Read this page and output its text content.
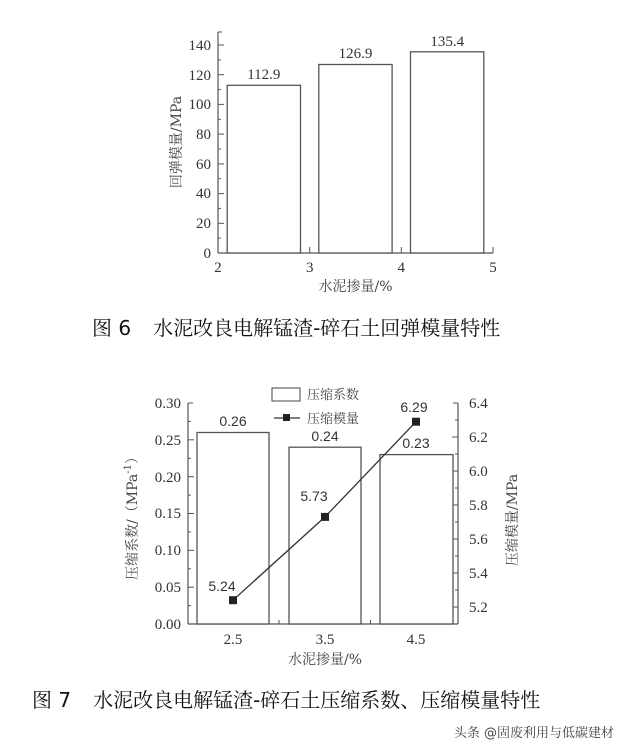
0
20
40
60
80
100
120
140
2	3	4	5
112.9
126.9
135.4
水泥掺量/%
回弹模量/MPa
0.00
0.05
0.10
0.15
0.20
0.25
0.30
5.2
5.4
5.6
5.8
6.0
6.2
6.4
2.5	3.5	4.5
0.26
0.24	0.23
5.24
5.73
6.29
压缩系数
压缩模量
水泥掺量/%
压缩系数/（MPa$^{-1}$）
压缩模量/MPa
图 6 水泥改良电解锰渣-碎石土回弹模量特性
图 7 水泥改良电解锰渣-碎石土压缩系数、压缩模量特性
头条 @固废利用与低碳建材
